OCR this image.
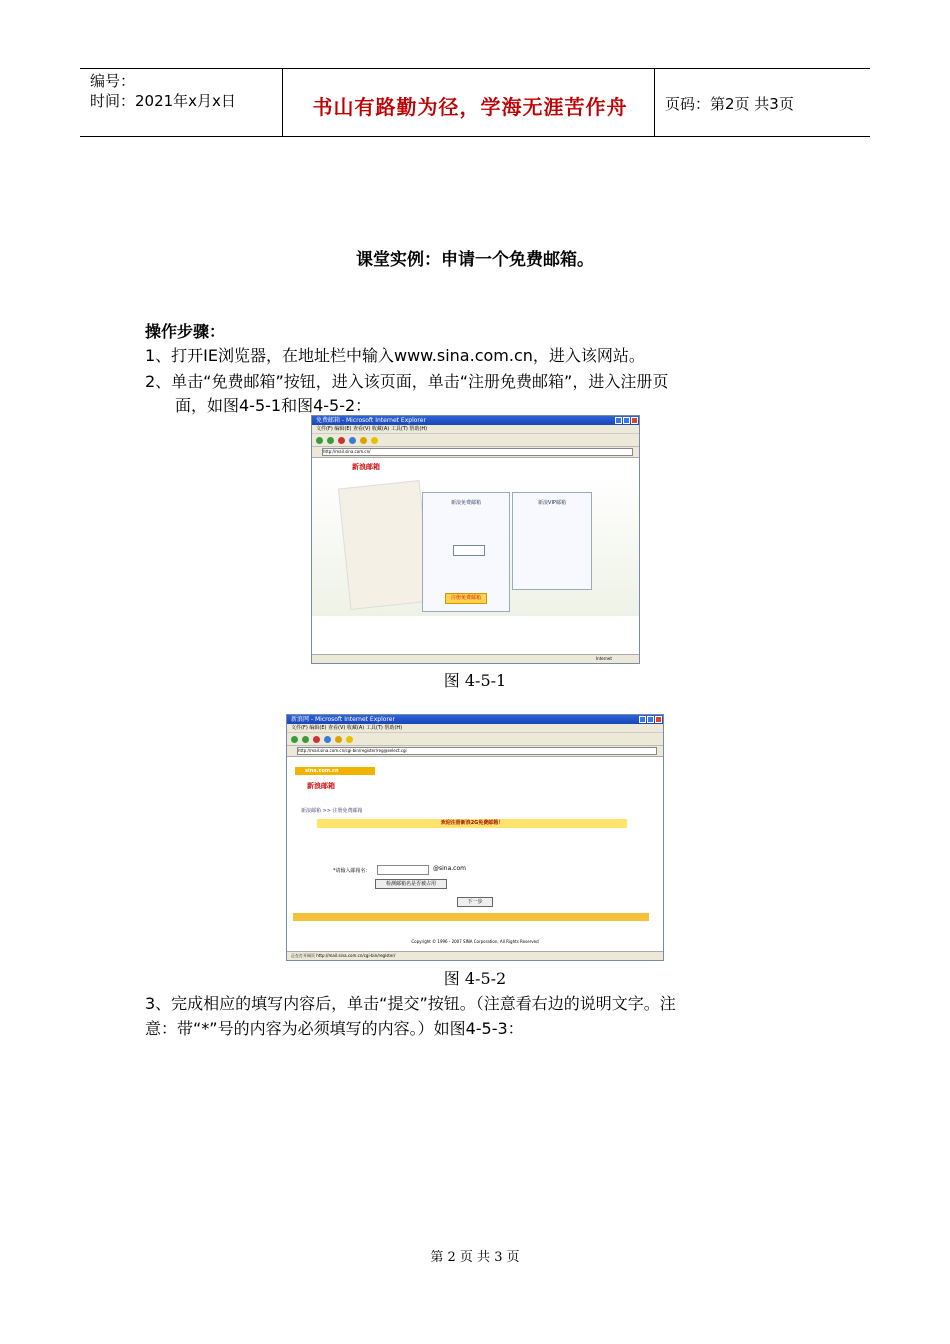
编号：
时间：2021年x月x日	书山有路勤为径，学海无涯苦作舟	页码：第2页 共3页
课堂实例：申请一个免费邮箱。
操作步骤：
1、打开IE浏览器，在地址栏中输入www.sina.com.cn，进入该网站。
2、单击“免费邮箱”按钮，进入该页面，单击“注册免费邮箱”，进入注册页
面，如图4-5-1和图4-5-2：
免费邮箱 - Microsoft Internet Explorer
文件(F) 编辑(E) 查看(V) 收藏(A) 工具(T) 帮助(H)
http://mail.sina.com.cn/
新浪邮箱
新浪免费邮箱
注册免费邮箱
新浪VIP邮箱
Internet
图 4-5-1
新浪网 - Microsoft Internet Explorer
文件(F) 编辑(E) 查看(V) 收藏(A) 工具(T) 帮助(H)
http://mail.sina.com.cn/cgi-bin/register/reg@select.cgi
sina.com.cn
新浪邮箱
新浪邮箱 >> 注册免费邮箱
欢迎注册新浪2G免费邮箱！
*请输入邮箱名：	@sina.com
检测邮箱名是否被占用
下一步
Copyright © 1996 - 2007 SINA Corporation, All Rights Reserved
正在打开网页 http://mail.sina.com.cn/cgi-bin/register/
图 4-5-2
3、完成相应的填写内容后，单击“提交”按钮。（注意看右边的说明文字。注
意：带“*”号的内容为必须填写的内容。）如图4-5-3：
第 2 页 共 3 页
